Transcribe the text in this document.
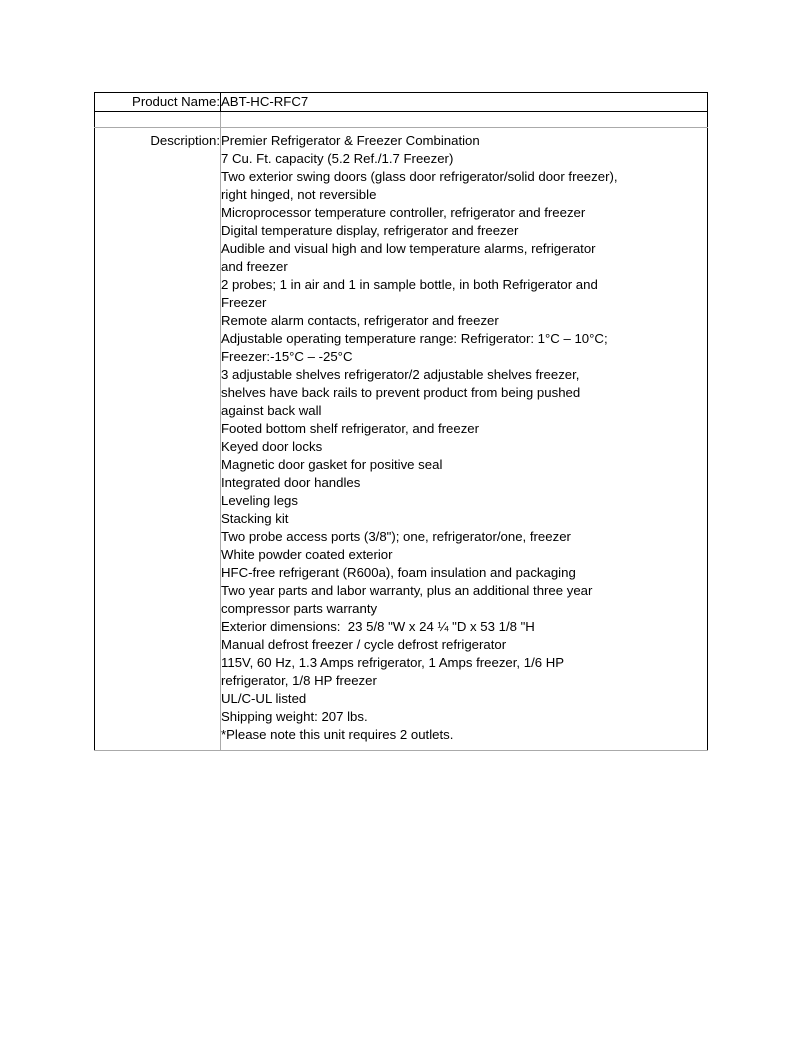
Product Name:	ABT-HC-RFC7

Description:	Premier Refrigerator & Freezer Combination
7 Cu. Ft. capacity (5.2 Ref./1.7 Freezer)
Two exterior swing doors (glass door refrigerator/solid door freezer),
right hinged, not reversible
Microprocessor temperature controller, refrigerator and freezer
Digital temperature display, refrigerator and freezer
Audible and visual high and low temperature alarms, refrigerator
and freezer
2 probes; 1 in air and 1 in sample bottle, in both Refrigerator and
Freezer
Remote alarm contacts, refrigerator and freezer
Adjustable operating temperature range: Refrigerator: 1°C – 10°C;
Freezer:-15°C – -25°C
3 adjustable shelves refrigerator/2 adjustable shelves freezer,
shelves have back rails to prevent product from being pushed
against back wall
Footed bottom shelf refrigerator, and freezer
Keyed door locks
Magnetic door gasket for positive seal
Integrated door handles
Leveling legs
Stacking kit
Two probe access ports (3/8"); one, refrigerator/one, freezer
White powder coated exterior
HFC-free refrigerant (R600a), foam insulation and packaging
Two year parts and labor warranty, plus an additional three year
compressor parts warranty
Exterior dimensions:  23 5/8 "W x 24 ¼ "D x 53 1/8 "H
Manual defrost freezer / cycle defrost refrigerator
115V, 60 Hz, 1.3 Amps refrigerator, 1 Amps freezer, 1/6 HP
refrigerator, 1/8 HP freezer
UL/C-UL listed
Shipping weight: 207 lbs.
*Please note this unit requires 2 outlets.
